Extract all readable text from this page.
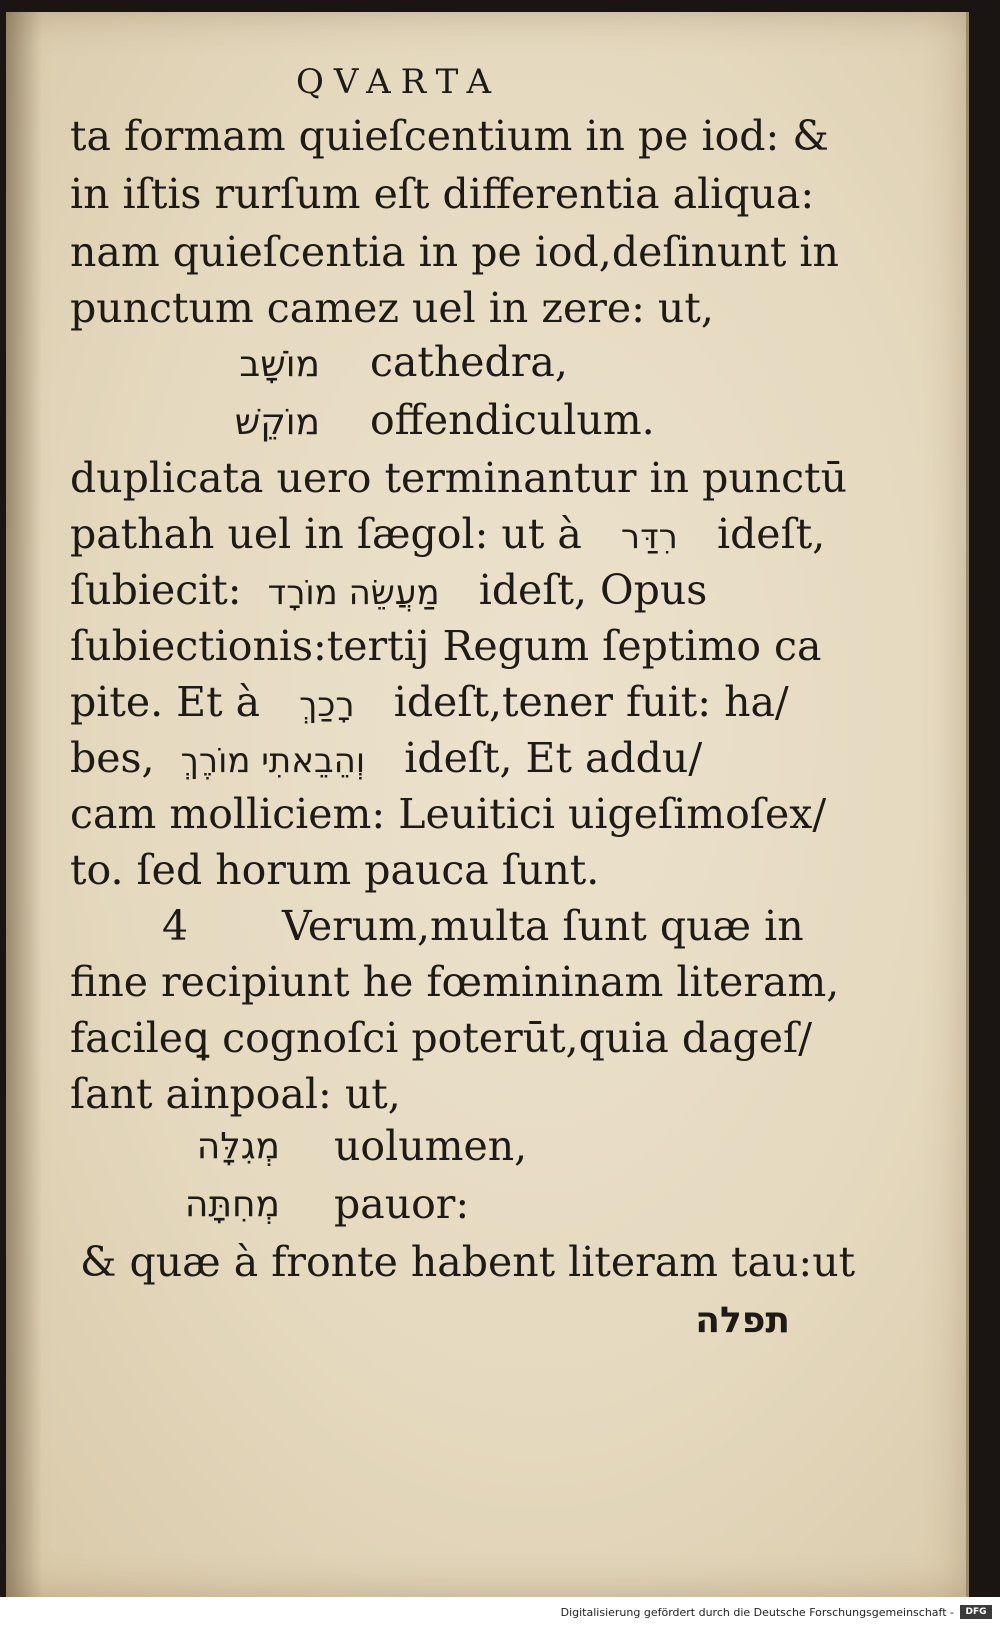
QVARTA
ta formam quieſcentium in pe iod: &
in iſtis rurſum eſt differentia aliqua:
nam quieſcentia in pe iod,deſinunt in
punctum camez uel in zere: ut,
מוֹשָׁב cathedra,
מוֹקֵשׁ offendiculum.
duplicata uero terminantur in punctū
pathah uel in ſægol: ut à רִדַּר ideſt,
ſubiecit: מַעֲשֵׂה מוֹרָד ideſt, Opus
ſubiectionis:tertij Regum ſeptimo ca
pite. Et à רָכַךְ ideſt,tener fuit: ha/
bes, וְהֵבֵאתִי מוֹרֶךְ ideſt, Et addu/
cam molliciem: Leuitici uigeſimoſex/
to. ſed horum pauca ſunt.
4 Verum,multa ſunt quæ in
fine recipiunt he fœmininam literam,
facileꝗ cognoſci poterūt,quia dageſ/
ſant ainpoal: ut,
מְגִלָּה uolumen,
מְחִתָּה pauor:
& quæ à fronte habent literam tau:ut
תפלה
Digitalisierung gefördert durch die Deutsche Forschungsgemeinschaft -	DFG
